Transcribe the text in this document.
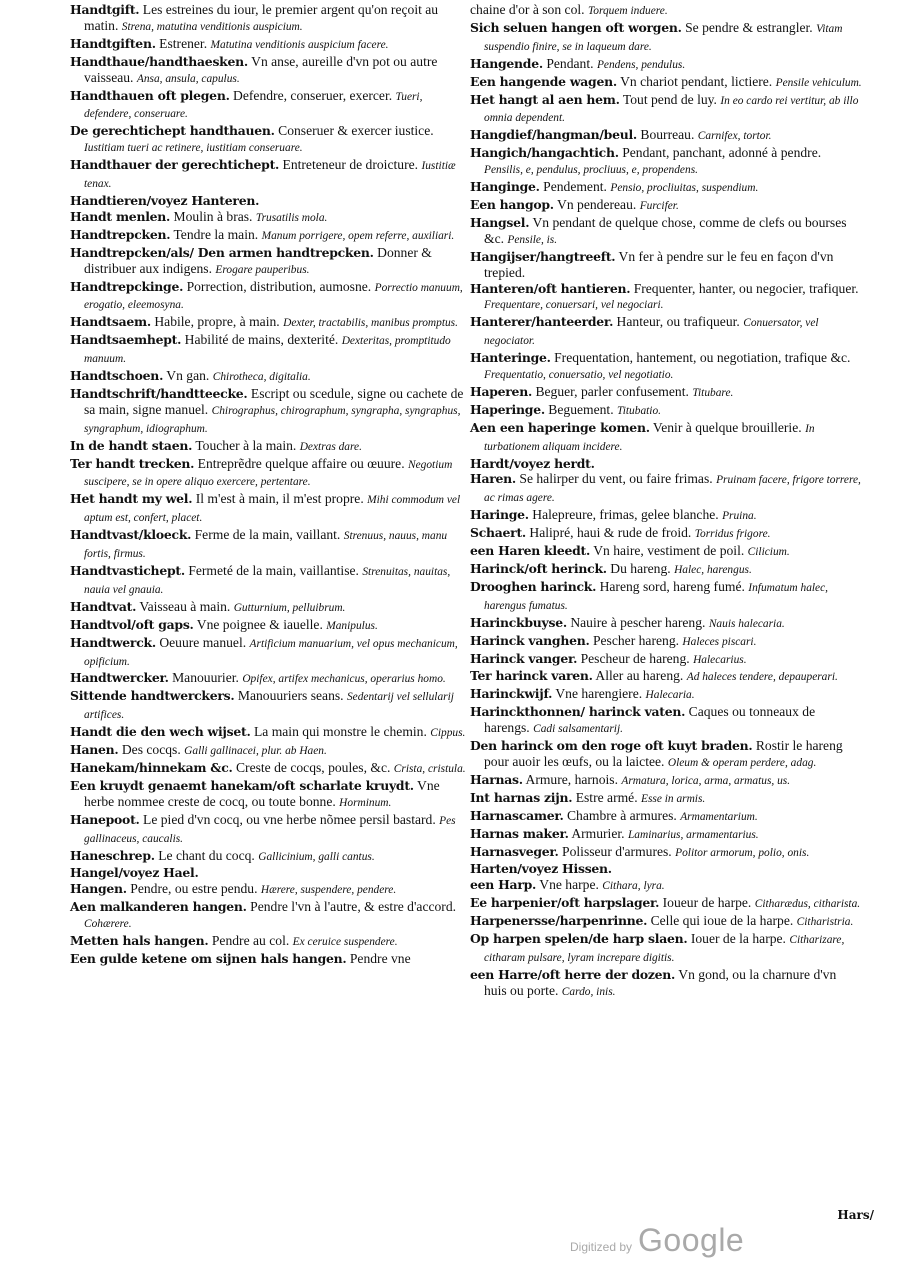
Handtgift. Les estreines du iour, le premier argent qu'on reçoit au matin. Strena, matutina venditionis auspicium.

Handtgiften. Estrener. Matutina venditionis auspicium facere.

Handthaue/handthaesken. Vn anse, aureille d'vn pot ou autre vaisseau. Ansa, ansula, capulus.

Handthauen oft plegen. Defendre, conseruer, exercer. Tueri, defendere, conseruare.

De gerechtichept handthauen. Conseruer & exercer iustice. Iustitiam tueri ac retinere, iustitiam conseruare.

Handthauer der gerechtichept. Entreteneur de droicture. Iustitiæ tenax.

Handtieren/voyez Hanteren.

Handt menlen. Moulin à bras. Trusatilis mola.

Handtrepcken. Tendre la main. Manum porrigere, opem referre, auxiliari.

Handtrepcken/als/ Den armen handtrepcken. Donner & distribuer aux indigens. Erogare pauperibus.

Handtrepckinge. Porrection, distribution, aumosne. Porrectio manuum, erogatio, eleemosyna.

Handtsaem. Habile, propre, à main. Dexter, tractabilis, manibus promptus.

Handtsaemhept. Habilité de mains, dexterité. Dexteritas, promptitudo manuum.

Handtschoen. Vn gan. Chirotheca, digitalia.

Handtschrift/handtteecke. Escript ou scedule, signe ou cachete de sa main, signe manuel. Chirographus, chirographum, syngrapha, syngraphus, syngraphum, idiographum.

In de handt staen. Toucher à la main. Dextras dare.

Ter handt trecken. Entreprẽdre quelque affaire ou œuure. Negotium suscipere, se in opere aliquo exercere, pertentare.

Het handt my wel. Il m'est à main, il m'est propre. Mihi commodum vel aptum est, confert, placet.

Handtvast/kloeck. Ferme de la main, vaillant. Strenuus, nauus, manu fortis, firmus.

Handtvastichept. Fermeté de la main, vaillantise. Strenuitas, nauitas, nauia vel gnauia.

Handtvat. Vaisseau à main. Gutturnium, pelluibrum.

Handtvol/oft gaps. Vne poignee & iauelle. Manipulus.

Handtwerck. Oeuure manuel. Artificium manuarium, vel opus mechanicum, opificium.

Handtwercker. Manouurier. Opifex, artifex mechanicus, operarius homo.

Sittende handtwerckers. Manouuriers seans. Sedentarij vel sellularij artifices.

Handt die den wech wijset. La main qui monstre le chemin. Cippus.

Hanen. Des cocqs. Galli gallinacei, plur. ab Haen.

Hanekam/hinnekam &c. Creste de cocqs, poules, &c. Crista, cristula.

Een kruydt genaemt hanekam/oft scharlate kruydt. Vne herbe nommee creste de cocq, ou toute bonne. Horminum.

Hanepoot. Le pied d'vn cocq, ou vne herbe nõmee persil bastard. Pes gallinaceus, caucalis.

Haneschrep. Le chant du cocq. Gallicinium, galli cantus.

Hangel/voyez Hael.

Hangen. Pendre, ou estre pendu. Hærere, suspendere, pendere.

Aen malkanderen hangen. Pendre l'vn à l'autre, & estre d'accord. Cohærere.

Metten hals hangen. Pendre au col. Ex ceruice suspendere.

Een gulde ketene om sijnen hals hangen. Pendre vne

chaine d'or à son col. Torquem induere.

Sich seluen hangen oft worgen. Se pendre & estrangler. Vitam suspendio finire, se in laqueum dare.

Hangende. Pendant. Pendens, pendulus.

Een hangende wagen. Vn chariot pendant, lictiere. Pensile vehiculum.

Het hangt al aen hem. Tout pend de luy. In eo cardo rei vertitur, ab illo omnia dependent.

Hangdief/hangman/beul. Bourreau. Carnifex, tortor.

Hangich/hangachtich. Pendant, panchant, adonné à pendre. Pensilis, e, pendulus, procliuus, e, propendens.

Hanginge. Pendement. Pensio, procliuitas, suspendium.

Een hangop. Vn pendereau. Furcifer.

Hangsel. Vn pendant de quelque chose, comme de clefs ou bourses &c. Pensile, is.

Hangijser/hangtreeft. Vn fer à pendre sur le feu en façon d'vn trepied.

Hanteren/oft hantieren. Frequenter, hanter, ou negocier, trafiquer. Frequentare, conuersari, vel negociari.

Hanterer/hanteerder. Hanteur, ou trafiqueur. Conuersator, vel negociator.

Hanteringe. Frequentation, hantement, ou negotiation, trafique &c. Frequentatio, conuersatio, vel negotiatio.

Haperen. Beguer, parler confusement. Titubare.

Haperinge. Beguement. Titubatio.

Aen een haperinge komen. Venir à quelque brouillerie. In turbationem aliquam incidere.

Hardt/voyez herdt.

Haren. Se halirper du vent, ou faire frimas. Pruinam facere, frigore torrere, ac rimas agere.

Haringe. Halepreure, frimas, gelee blanche. Pruina.

Schaert. Halipré, haui & rude de froid. Torridus frigore.

een Haren kleedt. Vn haire, vestiment de poil. Cilicium.

Harinck/oft herinck. Du hareng. Halec, harengus.

Drooghen harinck. Hareng sord, hareng fumé. Infumatum halec, harengus fumatus.

Harinckbuyse. Nauire à pescher hareng. Nauis halecaria.

Harinck vanghen. Pescher hareng. Haleces piscari.

Harinck vanger. Pescheur de hareng. Halecarius.

Ter harinck varen. Aller au hareng. Ad haleces tendere, depauperari.

Harinckwijf. Vne harengiere. Halecaria.

Harinckthonnen/ harinck vaten. Caques ou tonneaux de harengs. Cadi salsamentarij.

Den harinck om den roge oft kuyt braden. Rostir le hareng pour auoir les œufs, ou la laictee. Oleum & operam perdere, adag.

Harnas. Armure, harnois. Armatura, lorica, arma, armatus, us.

Int harnas zijn. Estre armé. Esse in armis.

Harnascamer. Chambre à armures. Armamentarium.

Harnas maker. Armurier. Laminarius, armamentarius.

Harnasveger. Polisseur d'armures. Politor armorum, polio, onis.

Harten/voyez Hissen.

een Harp. Vne harpe. Cithara, lyra.

Ee harpenier/oft harpslager. Ioueur de harpe. Citharædus, citharista.

Harpenersse/harpenrinne. Celle qui ioue de la harpe. Citharistria.

Op harpen spelen/de harp slaen. Iouer de la harpe. Citharizare, citharam pulsare, lyram increpare digitis.

een Harre/oft herre der dozen. Vn gond, ou la charnure d'vn huis ou porte. Cardo, inis.

Hars/
Digitized by Google
